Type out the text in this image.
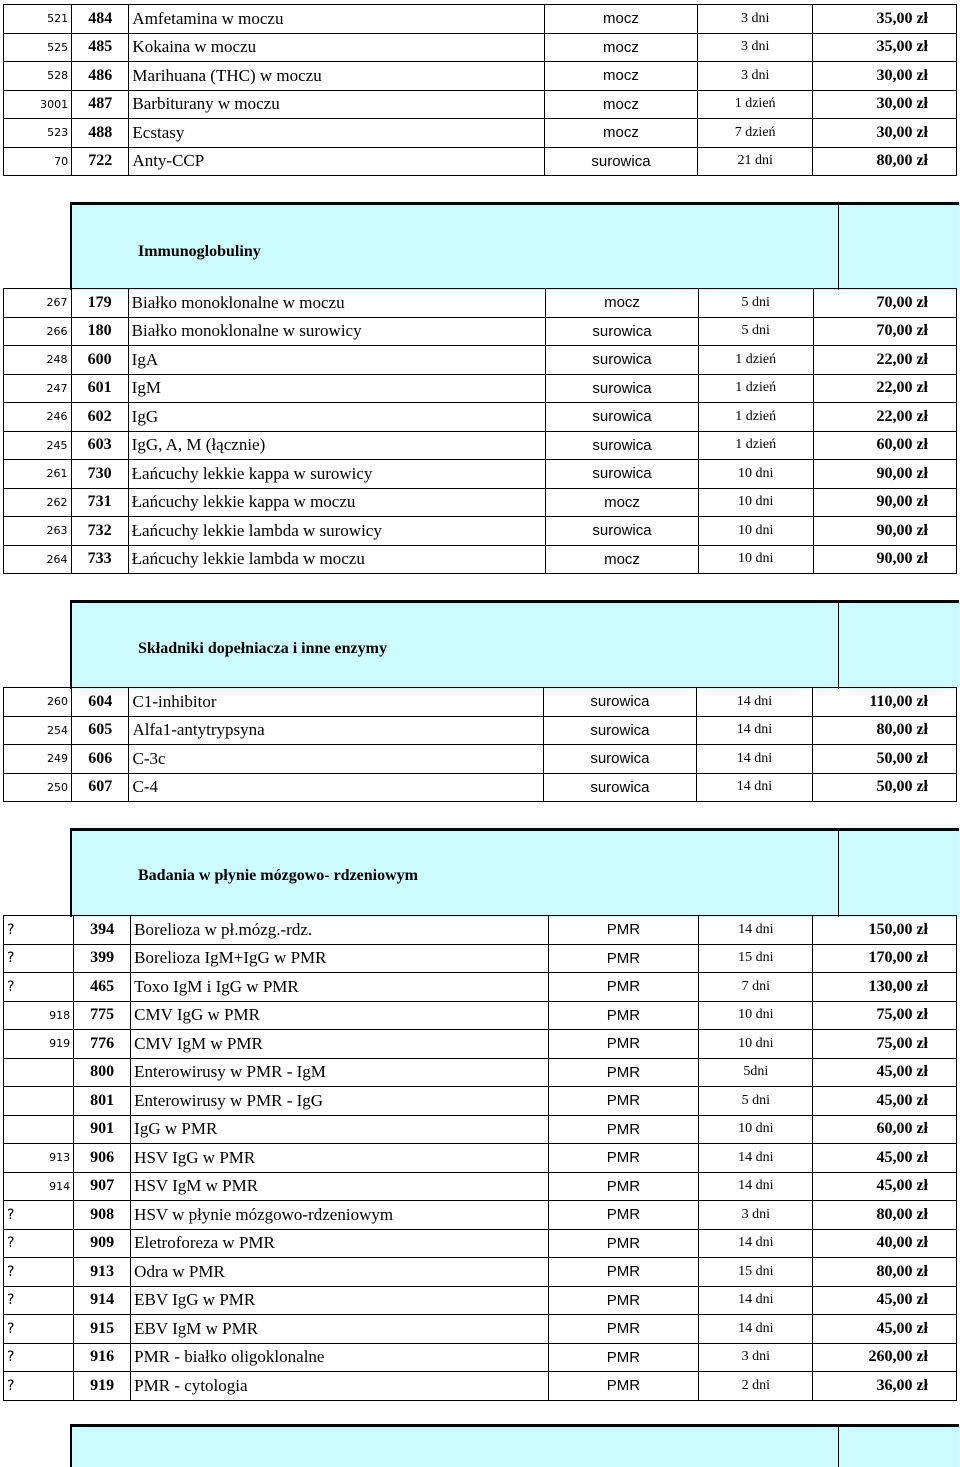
521	484	Amfetamina w moczu	mocz	3 dni	35,00 zł
525	485	Kokaina w moczu	mocz	3 dni	35,00 zł
528	486	Marihuana (THC) w moczu	mocz	3 dni	30,00 zł
3001	487	Barbiturany w moczu	mocz	1 dzień	30,00 zł
523	488	Ecstasy	mocz	7 dzień	30,00 zł
70	722	Anty-CCP	surowica	21 dni	80,00 zł
Immunoglobuliny
267	179	Białko monoklonalne w moczu	mocz	5 dni	70,00 zł
266	180	Białko monoklonalne w surowicy	surowica	5 dni	70,00 zł
248	600	IgA	surowica	1 dzień	22,00 zł
247	601	IgM	surowica	1 dzień	22,00 zł
246	602	IgG	surowica	1 dzień	22,00 zł
245	603	IgG, A, M (łącznie)	surowica	1 dzień	60,00 zł
261	730	Łańcuchy lekkie kappa w surowicy	surowica	10 dni	90,00 zł
262	731	Łańcuchy lekkie kappa w moczu	mocz	10 dni	90,00 zł
263	732	Łańcuchy lekkie lambda w surowicy	surowica	10 dni	90,00 zł
264	733	Łańcuchy lekkie lambda w moczu	mocz	10 dni	90,00 zł
Składniki dopełniacza i inne enzymy
260	604	C1-inhibitor	surowica	14 dni	110,00 zł
254	605	Alfa1-antytrypsyna	surowica	14 dni	80,00 zł
249	606	C-3c	surowica	14 dni	50,00 zł
250	607	C-4	surowica	14 dni	50,00 zł
Badania w płynie mózgowo- rdzeniowym
?	394	Borelioza w pł.mózg.-rdz.	PMR	14 dni	150,00 zł
?	399	Borelioza IgM+IgG w PMR	PMR	15 dni	170,00 zł
?	465	Toxo IgM i IgG w PMR	PMR	7 dni	130,00 zł
918	775	CMV IgG w PMR	PMR	10 dni	75,00 zł
919	776	CMV IgM w PMR	PMR	10 dni	75,00 zł
	800	Enterowirusy w PMR - IgM	PMR	5dni	45,00 zł
	801	Enterowirusy w PMR - IgG	PMR	5 dni	45,00 zł
	901	IgG w PMR	PMR	10 dni	60,00 zł
913	906	HSV IgG w PMR	PMR	14 dni	45,00 zł
914	907	HSV IgM w PMR	PMR	14 dni	45,00 zł
?	908	HSV w płynie mózgowo-rdzeniowym	PMR	3 dni	80,00 zł
?	909	Eletroforeza w PMR	PMR	14 dni	40,00 zł
?	913	Odra w PMR	PMR	15 dni	80,00 zł
?	914	EBV IgG w PMR	PMR	14 dni	45,00 zł
?	915	EBV IgM w PMR	PMR	14 dni	45,00 zł
?	916	PMR - białko oligoklonalne	PMR	3 dni	260,00 zł
?	919	PMR - cytologia	PMR	2 dni	36,00 zł
